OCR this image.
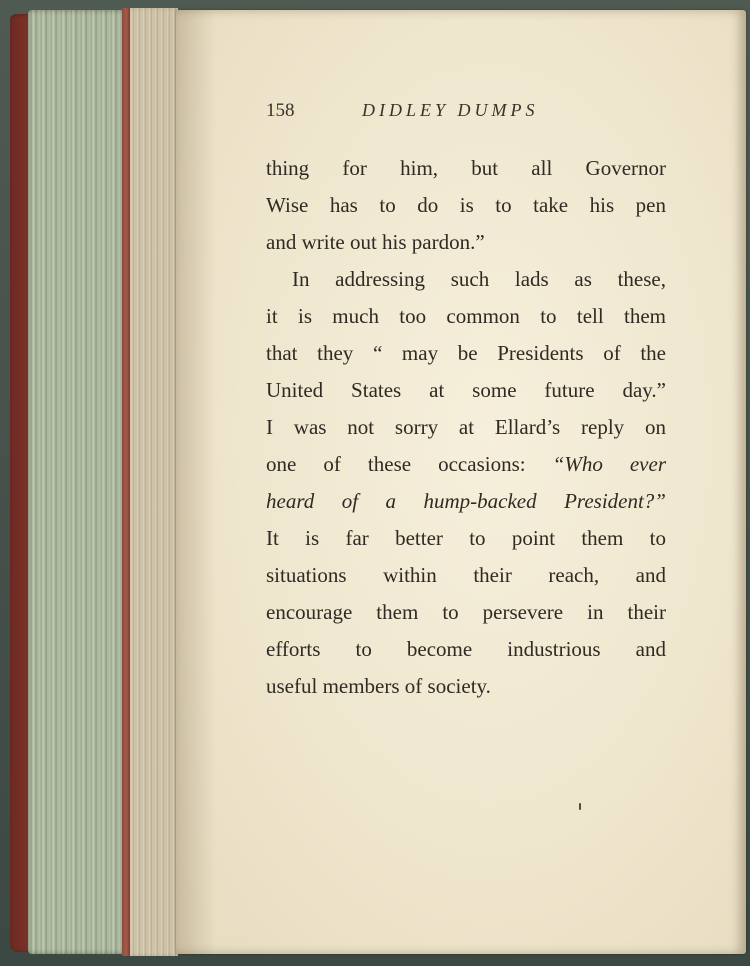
158	DIDLEY DUMPS
thing for him, but all Governor
Wise has to do is to take his pen
and write out his pardon.”
In addressing such lads as these,
it is much too common to tell them
that they “ may be Presidents of the
United States at some future day.”
I was not sorry at Ellard’s reply on
one of these occasions: “Who ever
heard of a hump-backed President?”
It is far better to point them to
situations within their reach, and
encourage them to persevere in their
efforts to become industrious and
useful members of society.
